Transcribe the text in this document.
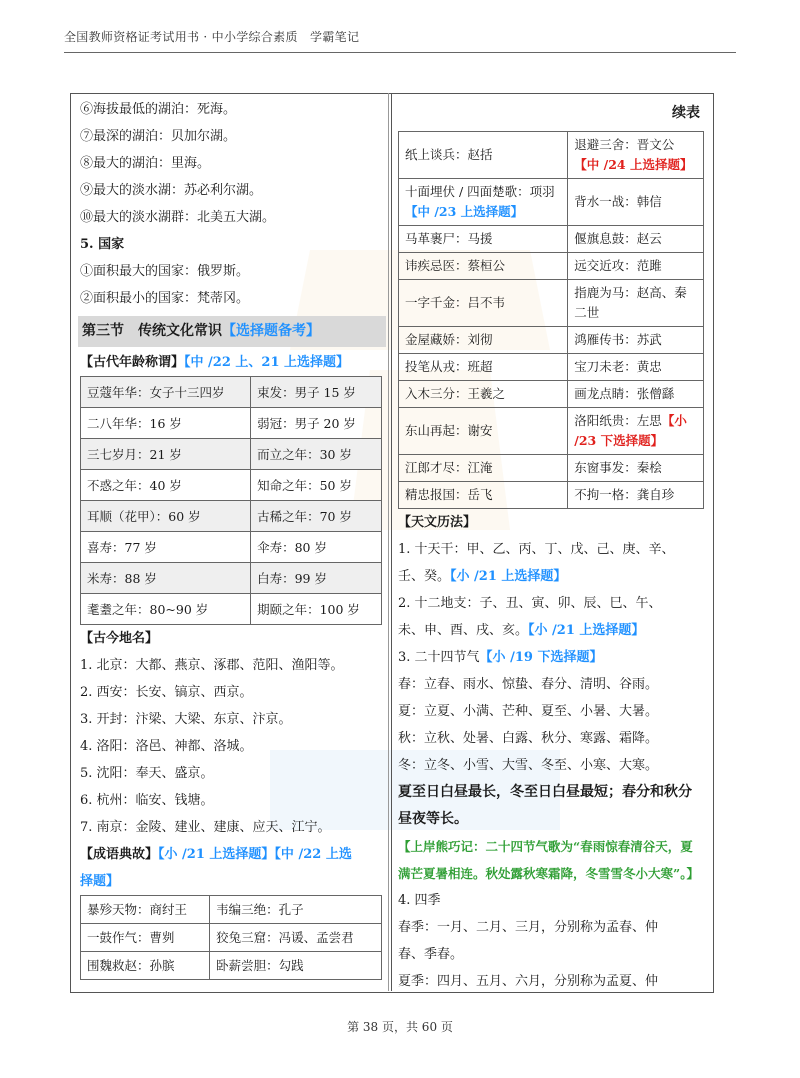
全国教师资格证考试用书 · 中小学综合素质　学霸笔记
⑥海拔最低的湖泊：死海。
⑦最深的湖泊：贝加尔湖。
⑧最大的湖泊：里海。
⑨最大的淡水湖：苏必利尔湖。
⑩最大的淡水湖群：北美五大湖。
5. 国家
①面积最大的国家：俄罗斯。
②面积最小的国家：梵蒂冈。
第三节　传统文化常识【选择题备考】
【古代年龄称谓】【中 /22 上、21 上选择题】
豆蔻年华：女子十三四岁	束发：男子 15 岁
二八年华：16 岁	弱冠：男子 20 岁
三七岁月：21 岁	而立之年：30 岁
不惑之年：40 岁	知命之年：50 岁
耳顺（花甲）：60 岁	古稀之年：70 岁
喜寿：77 岁	伞寿：80 岁
米寿：88 岁	白寿：99 岁
耄耋之年：80~90 岁	期颐之年：100 岁
【古今地名】
1. 北京：大都、燕京、涿郡、范阳、渔阳等。
2. 西安：长安、镐京、西京。
3. 开封：汴梁、大梁、东京、汴京。
4. 洛阳：洛邑、神都、洛城。
5. 沈阳：奉天、盛京。
6. 杭州：临安、钱塘。
7. 南京：金陵、建业、建康、应天、江宁。
【成语典故】【小 /21 上选择题】【中 /22 上选
择题】
暴殄天物：商纣王	韦编三绝：孔子
一鼓作气：曹刿	狡兔三窟：冯谖、孟尝君
围魏救赵：孙膑	卧薪尝胆：勾践
续表
纸上谈兵：赵括	退避三舍：晋文公
【中 /24 上选择题】
十面埋伏 / 四面楚歌：项羽【中 /23 上选择题】	背水一战：韩信
马革裹尸：马援	偃旗息鼓：赵云
讳疾忌医：蔡桓公	远交近攻：范雎
一字千金：吕不韦	指鹿为马：赵高、秦二世
金屋藏娇：刘彻	鸿雁传书：苏武
投笔从戎：班超	宝刀未老：黄忠
入木三分：王羲之	画龙点睛：张僧繇
东山再起：谢安	洛阳纸贵：左思【小 /23 下选择题】
江郎才尽：江淹	东窗事发：秦桧
精忠报国：岳飞	不拘一格：龚自珍
【天文历法】
1. 十天干：甲、乙、丙、丁、戊、己、庚、辛、
壬、癸。【小 /21 上选择题】
2. 十二地支：子、丑、寅、卯、辰、巳、午、
未、申、酉、戌、亥。【小 /21 上选择题】
3. 二十四节气【小 /19 下选择题】
春：立春、雨水、惊蛰、春分、清明、谷雨。
夏：立夏、小满、芒种、夏至、小暑、大暑。
秋：立秋、处暑、白露、秋分、寒露、霜降。
冬：立冬、小雪、大雪、冬至、小寒、大寒。
夏至日白昼最长，冬至日白昼最短；春分和秋分
昼夜等长。
【上岸熊巧记：二十四节气歌为“春雨惊春清谷天，夏
满芒夏暑相连。秋处露秋寒霜降，冬雪雪冬小大寒”。】
4. 四季
春季：一月、二月、三月，分别称为孟春、仲
春、季春。
夏季：四月、五月、六月，分别称为孟夏、仲
第 38 页，共 60 页
